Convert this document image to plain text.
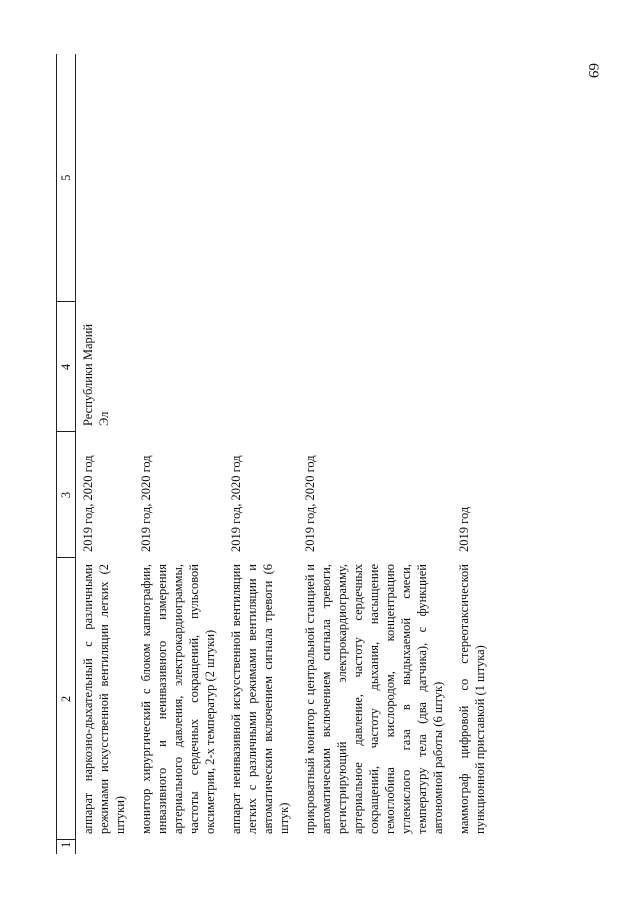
69
1	2	3	4	5
	аппарат наркозно-дыхательный с различными режимами искусственной вентиляции легких (2 штуки)	2019 год, 2020 год	Республики Марий Эл	
	монитор хирургический с блоком капнографии, инвазивного и неинвазивного измерения артериального давления, электрокардиограммы, частоты сердечных сокращений, пульсовой оксиметрии, 2-х температур (2 штуки)	2019 год, 2020 год		
	аппарат неинвазивной искусственной вентиляции легких с различными режимами вентиляции и автоматическим включением сигнала тревоги (6 штук)	2019 год, 2020 год		
	прикроватный монитор с центральной станцией и автоматическим включением сигнала тревоги, регистрирующий электрокардиограмму, артериальное давление, частоту сердечных сокращений, частоту дыхания, насыщение гемоглобина кислородом, концентрацию углекислого газа в выдыхаемой смеси, температуру тела (два датчика), с функцией автономной работы (6 штук)	2019 год, 2020 год		
	маммограф цифровой со стереотаксической пункционной приставкой (1 штука)	2019 год		
